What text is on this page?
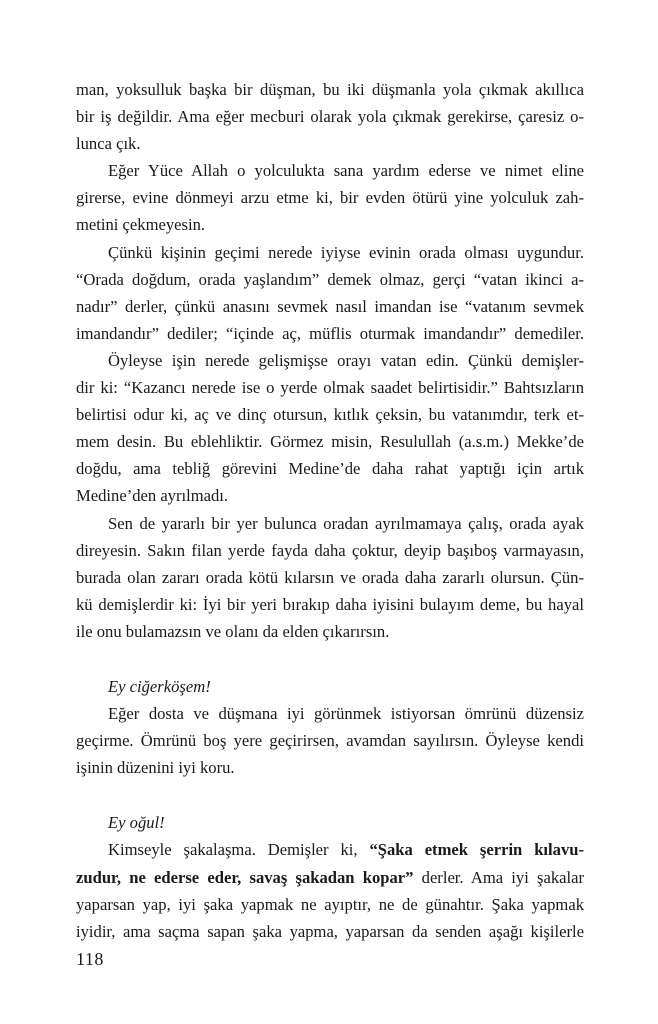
man, yoksulluk başka bir düşman, bu iki düşmanla yola çıkmak akıllıca
bir iş değildir. Ama eğer mecburi olarak yola çıkmak gerekirse, çaresiz o-
lunca çık.
Eğer Yüce Allah o yolculukta sana yardım ederse ve nimet eline
girerse, evine dönmeyi arzu etme ki, bir evden ötürü yine yolculuk zah-
metini çekmeyesin.
Çünkü kişinin geçimi nerede iyiyse evinin orada olması uygundur.
“Orada doğdum, orada yaşlandım” demek olmaz, gerçi “vatan ikinci a-
nadır” derler, çünkü anasını sevmek nasıl imandan ise “vatanım sevmek
imandandır” dediler; “içinde aç, müflis oturmak imandandır” demediler.
Öyleyse işin nerede gelişmişse orayı vatan edin. Çünkü demişler-
dir ki: “Kazancı nerede ise o yerde olmak saadet belirtisidir.” Bahtsızların
belirtisi odur ki, aç ve dinç otursun, kıtlık çeksin, bu vatanımdır, terk et-
mem desin. Bu eblehliktir. Görmez misin, Resulullah (a.s.m.) Mekke’de
doğdu, ama tebliğ görevini Medine’de daha rahat yaptığı için artık
Medine’den ayrılmadı.
Sen de yararlı bir yer bulunca oradan ayrılmamaya çalış, orada ayak
direyesin. Sakın filan yerde fayda daha çoktur, deyip başıboş varmayasın,
burada olan zararı orada kötü kılarsın ve orada daha zararlı olursun. Çün-
kü demişlerdir ki: İyi bir yeri bırakıp daha iyisini bulayım deme, bu hayal
ile onu bulamazsın ve olanı da elden çıkarırsın.
Ey ciğerköşem!
Eğer dosta ve düşmana iyi görünmek istiyorsan ömrünü düzensiz
geçirme. Ömrünü boş yere geçirirsen, avamdan sayılırsın. Öyleyse kendi
işinin düzenini iyi koru.
Ey oğul!
Kimseyle şakalaşma. Demişler ki, “Şaka etmek şerrin kılavu-
zudur, ne ederse eder, savaş şakadan kopar” derler. Ama iyi şakalar
yaparsan yap, iyi şaka yapmak ne ayıptır, ne de günahtır. Şaka yapmak
iyidir, ama saçma sapan şaka yapma, yaparsan da senden aşağı kişilerle
118
